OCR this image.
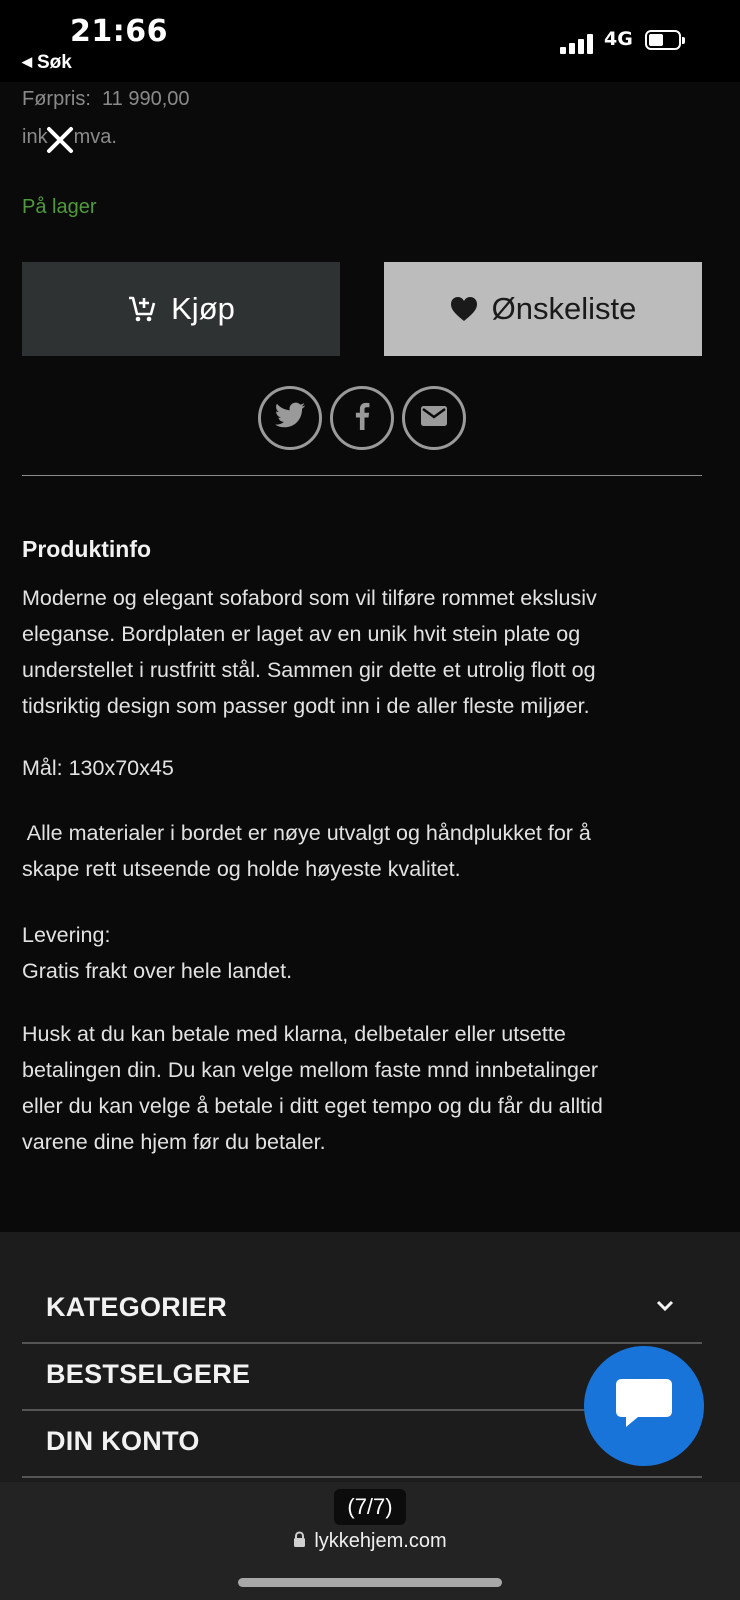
21:66
◀ Søk
4G
Førpris: 11 990,00
ink mva.
På lager
Kjøp	Ønskeliste
Produktinfo

Moderne og elegant sofabord som vil tilføre rommet ekslusiv

eleganse. Bordplaten er laget av en unik hvit stein plate og

understellet i rustfritt stål. Sammen gir dette et utrolig flott og

tidsriktig design som passer godt inn i de aller fleste miljøer.

Mål: 130x70x45

Alle materialer i bordet er nøye utvalgt og håndplukket for å

skape rett utseende og holde høyeste kvalitet.

Levering:

Gratis frakt over hele landet.

Husk at du kan betale med klarna, delbetaler eller utsette

betalingen din. Du kan velge mellom faste mnd innbetalinger

eller du kan velge å betale i ditt eget tempo og du får du alltid

varene dine hjem før du betaler.

KATEGORIER
BESTSELGERE
DIN KONTO
(7/7)
lykkehjem.com
